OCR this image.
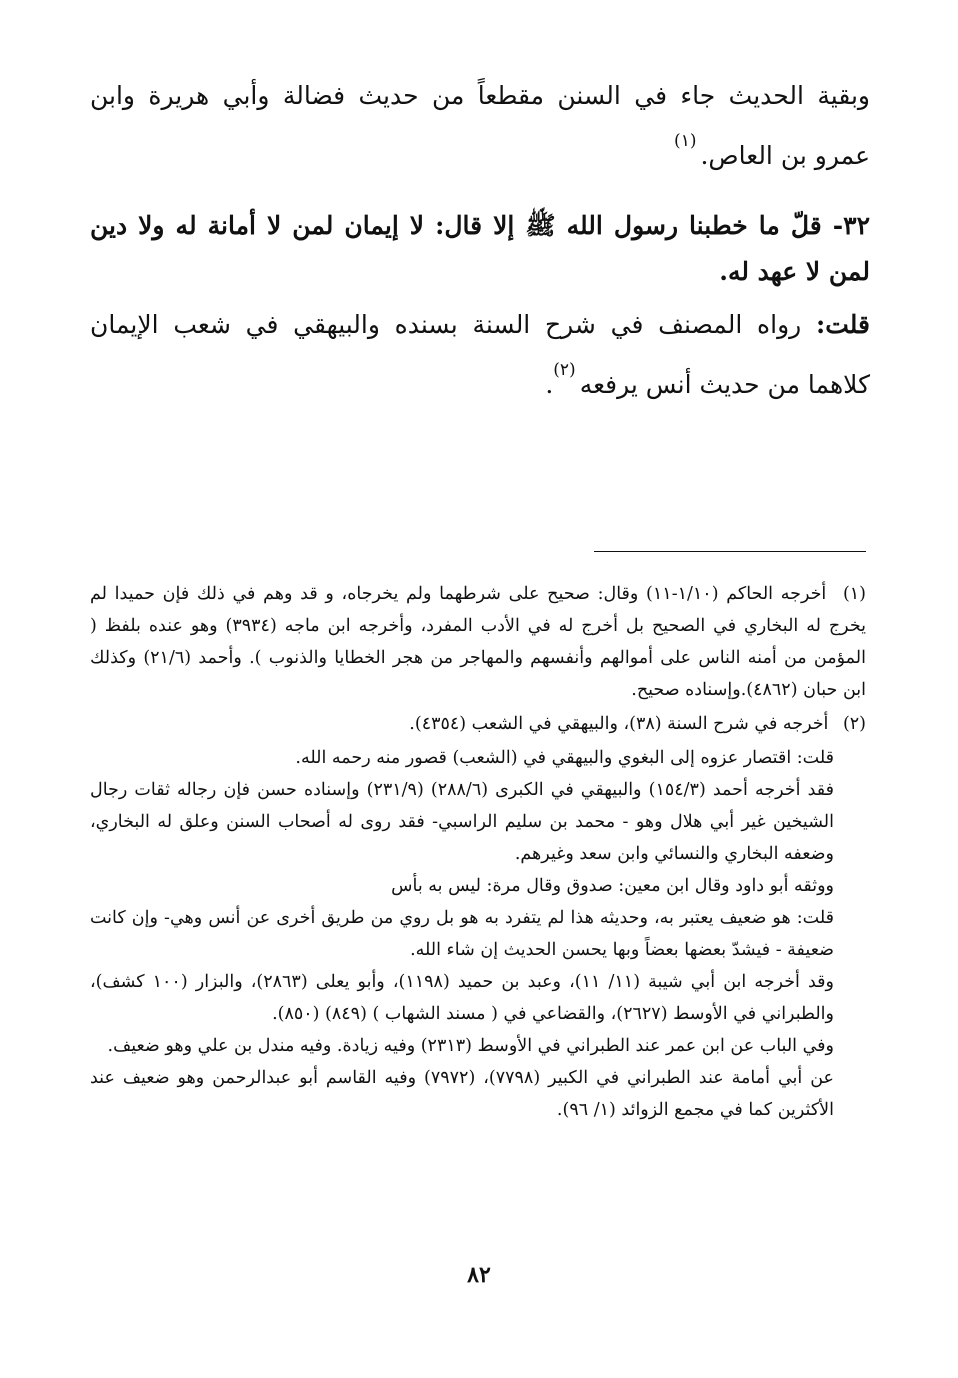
وبقية الحديث جاء في السنن مقطعاً من حديث فضالة وأبي هريرة وابن عمرو بن العاص.$^{(١)}$

٣٢- قلّ ما خطبنا رسول الله ﷺ إلا قال: لا إيمان لمن لا أمانة له ولا دين لمن لا عهد له.

قلت: رواه المصنف في شرح السنة بسنده والبيهقي في شعب الإيمان كلاهما من حديث أنس يرفعه$^{(٢)}$.

(١) أخرجه الحاكم (١/١٠-١١) وقال: صحيح على شرطهما ولم يخرجاه، و قد وهم في ذلك فإن حميدا لم يخرج له البخاري في الصحيح بل أخرج له في الأدب المفرد، وأخرجه ابن ماجه (٣٩٣٤) وهو عنده بلفظ ( المؤمن من أمنه الناس على أموالهم وأنفسهم والمهاجر من هجر الخطايا والذنوب ). وأحمد (٢١/٦) وكذلك ابن حبان (٤٨٦٢).وإسناده صحيح.

(٢) أخرجه في شرح السنة (٣٨)، والبيهقي في الشعب (٤٣٥٤).

قلت: اقتصار عزوه إلى البغوي والبيهقي في (الشعب) قصور منه رحمه الله.

فقد أخرجه أحمد (١٥٤/٣) والبيهقي في الكبرى (٢٨٨/٦) (٢٣١/٩) وإسناده حسن فإن رجاله ثقات رجال الشيخين غير أبي هلال وهو - محمد بن سليم الراسبي- فقد روى له أصحاب السنن وعلق له البخاري، وضعفه البخاري والنسائي وابن سعد وغيرهم.

ووثقه أبو داود وقال ابن معين: صدوق وقال مرة: ليس به بأس

قلت: هو ضعيف يعتبر به، وحديثه هذا لم يتفرد به هو بل روي من طريق أخرى عن أنس وهي- وإن كانت ضعيفة - فيشدّ بعضها بعضاً وبها يحسن الحديث إن شاء الله.

وقد أخرجه ابن أبي شيبة (١١/ ١١)، وعبد بن حميد (١١٩٨)، وأبو يعلى (٢٨٦٣)، والبزار (١٠٠ كشف)، والطبراني في الأوسط (٢٦٢٧)، والقضاعي في ( مسند الشهاب ) (٨٤٩) (٨٥٠).

وفي الباب عن ابن عمر عند الطبراني في الأوسط (٢٣١٣) وفيه زيادة. وفيه مندل بن علي وهو ضعيف.

عن أبي أمامة عند الطبراني في الكبير (٧٧٩٨)، (٧٩٧٢) وفيه القاسم أبو عبدالرحمن وهو ضعيف عند الأكثرين كما في مجمع الزوائد (١/ ٩٦).

٨٢
